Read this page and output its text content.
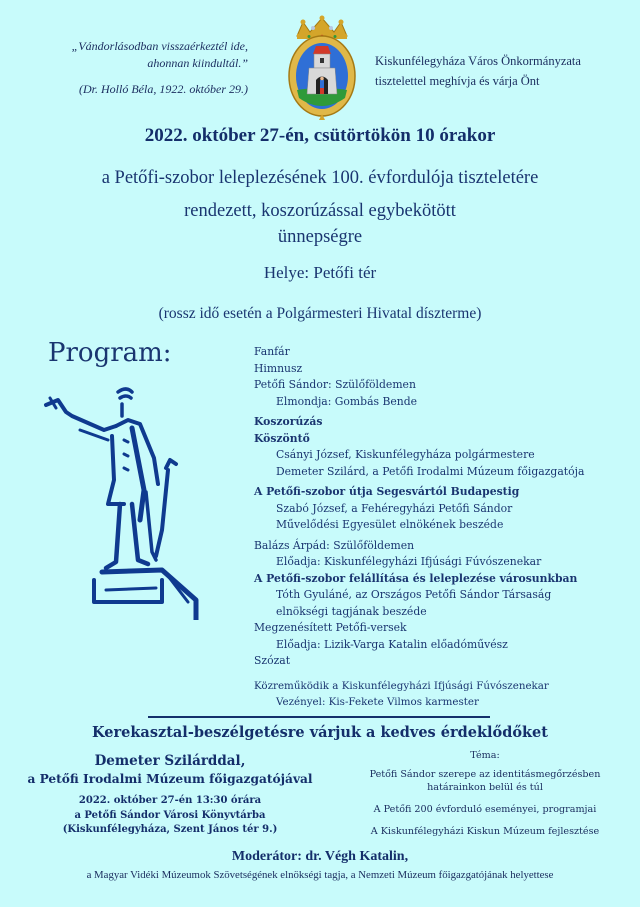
„Vándorlásodban visszaérkeztél ide,
ahonnan kiindultál.”
(Dr. Holló Béla, 1922. október 29.)
Kiskunfélegyháza Város Önkormányzata
tisztelettel meghívja és várja Önt
2022. október 27-én, csütörtökön 10 órakor
a Petőfi-szobor leleplezésének 100. évfordulója tiszteletére
rendezett, koszorúzással egybekötött
ünnepségre
Helye: Petőfi tér
(rossz idő esetén a Polgármesteri Hivatal díszterme)
Program:	Fanfár
Himnusz
Petőfi Sándor: Szülőföldemen
Elmondja: Gombás Bende
Koszorúzás
Köszöntő
Csányi József, Kiskunfélegyháza polgármestere
Demeter Szilárd, a Petőfi Irodalmi Múzeum főigazgatója
A Petőfi-szobor útja Segesvártól Budapestig
Szabó József, a Fehéregyházi Petőfi Sándor
Művelődési Egyesület elnökének beszéde
Balázs Árpád: Szülőföldemen
Előadja: Kiskunfélegyházi Ifjúsági Fúvószenekar
A Petőfi-szobor felállítása és leleplezése városunkban
Tóth Gyuláné, az Országos Petőfi Sándor Társaság
elnökségi tagjának beszéde
Megzenésített Petőfi-versek
Előadja: Lizik-Varga Katalin előadóművész
Szózat
Közreműködik a Kiskunfélegyházi Ifjúsági Fúvószenekar
Vezényel: Kis-Fekete Vilmos karmester
Kerekasztal-beszélgetésre várjuk a kedves érdeklődőket
Demeter Szilárddal,
a Petőfi Irodalmi Múzeum főigazgatójával
2022. október 27-én 13:30 órára
a Petőfi Sándor Városi Könyvtárba
(Kiskunfélegyháza, Szent János tér 9.)
Téma:
Petőfi Sándor szerepe az identitásmegőrzésben
határainkon belül és túl
A Petőfi 200 évforduló eseményei, programjai
A Kiskunfélegyházi Kiskun Múzeum fejlesztése
Moderátor: dr. Végh Katalin,
a Magyar Vidéki Múzeumok Szövetségének elnökségi tagja, a Nemzeti Múzeum főigazgatójának helyettese
